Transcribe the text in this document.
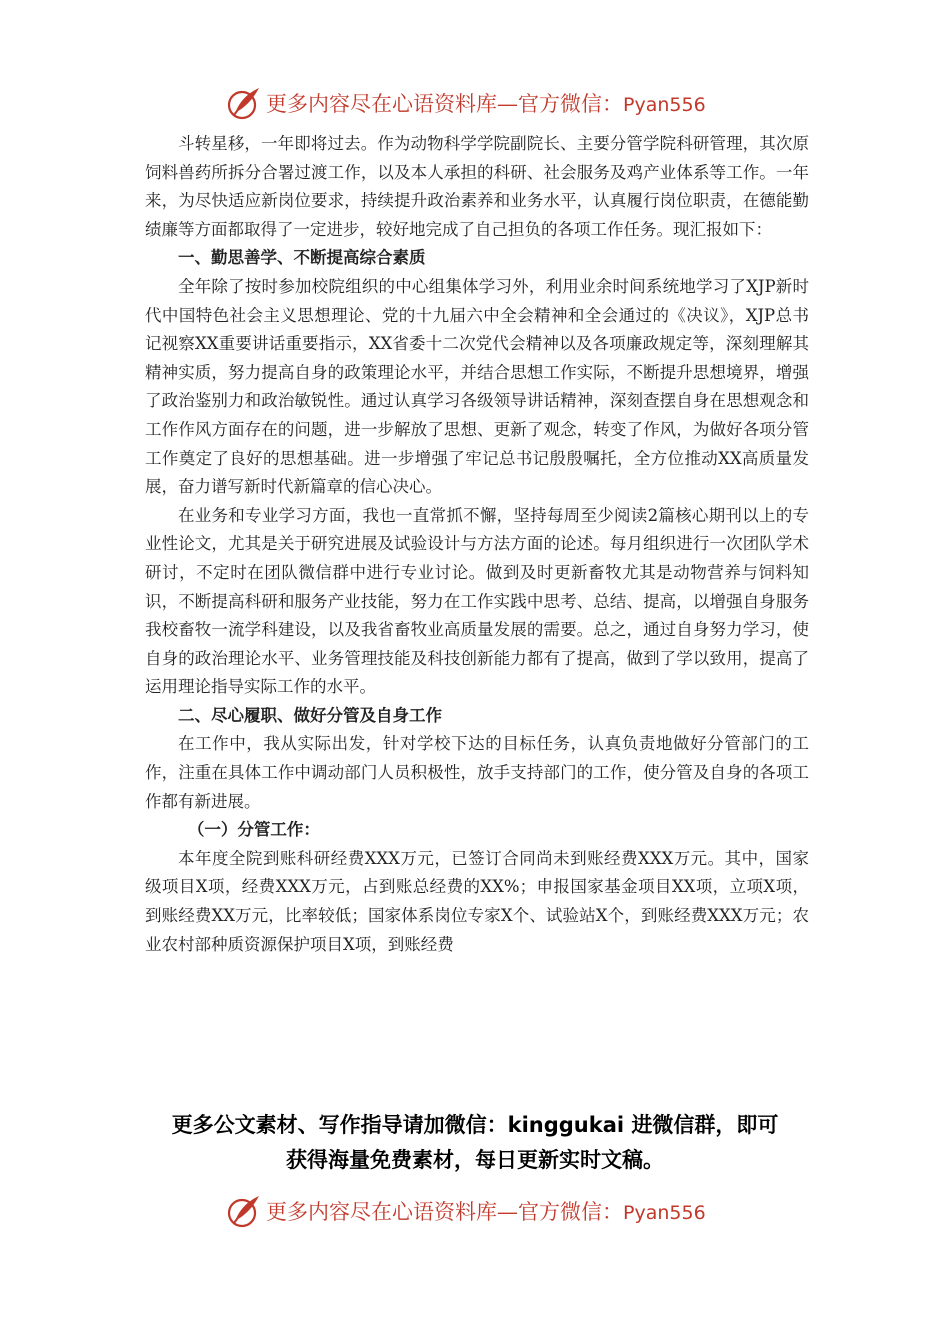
更多内容尽在心语资料库—官方微信：Pyan556

斗转星移，一年即将过去。作为动物科学学院副院长、主要分管学院科研管理，其次原饲料兽药所拆分合署过渡工作，以及本人承担的科研、社会服务及鸡产业体系等工作。一年来，为尽快适应新岗位要求，持续提升政治素养和业务水平，认真履行岗位职责，在德能勤绩廉等方面都取得了一定进步，较好地完成了自己担负的各项工作任务。现汇报如下：

一、勤思善学、不断提高综合素质

全年除了按时参加校院组织的中心组集体学习外，利用业余时间系统地学习了XJP新时代中国特色社会主义思想理论、党的十九届六中全会精神和全会通过的《决议》，XJP总书记视察XX重要讲话重要指示，XX省委十二次党代会精神以及各项廉政规定等，深刻理解其精神实质，努力提高自身的政策理论水平，并结合思想工作实际，不断提升思想境界，增强了政治鉴别力和政治敏锐性。通过认真学习各级领导讲话精神，深刻查摆自身在思想观念和工作作风方面存在的问题，进一步解放了思想、更新了观念，转变了作风，为做好各项分管工作奠定了良好的思想基础。进一步增强了牢记总书记殷殷嘱托，全方位推动XX高质量发展，奋力谱写新时代新篇章的信心决心。

在业务和专业学习方面，我也一直常抓不懈，坚持每周至少阅读2篇核心期刊以上的专业性论文，尤其是关于研究进展及试验设计与方法方面的论述。每月组织进行一次团队学术研讨，不定时在团队微信群中进行专业讨论。做到及时更新畜牧尤其是动物营养与饲料知识，不断提高科研和服务产业技能，努力在工作实践中思考、总结、提高，以增强自身服务我校畜牧一流学科建设，以及我省畜牧业高质量发展的需要。总之，通过自身努力学习，使自身的政治理论水平、业务管理技能及科技创新能力都有了提高，做到了学以致用，提高了运用理论指导实际工作的水平。

二、尽心履职、做好分管及自身工作

在工作中，我从实际出发，针对学校下达的目标任务，认真负责地做好分管部门的工作，注重在具体工作中调动部门人员积极性，放手支持部门的工作，使分管及自身的各项工作都有新进展。

（一）分管工作：

本年度全院到账科研经费XXX万元，已签订合同尚未到账经费XXX万元。其中，国家级项目X项，经费XXX万元，占到账总经费的XX%；申报国家基金项目XX项，立项X项，到账经费XX万元，比率较低；国家体系岗位专家X个、试验站X个，到账经费XXX万元；农业农村部种质资源保护项目X项，到账经费

更多公文素材、写作指导请加微信：kinggukai 进微信群，即可
获得海量免费素材，每日更新实时文稿。
更多内容尽在心语资料库—官方微信：Pyan556
